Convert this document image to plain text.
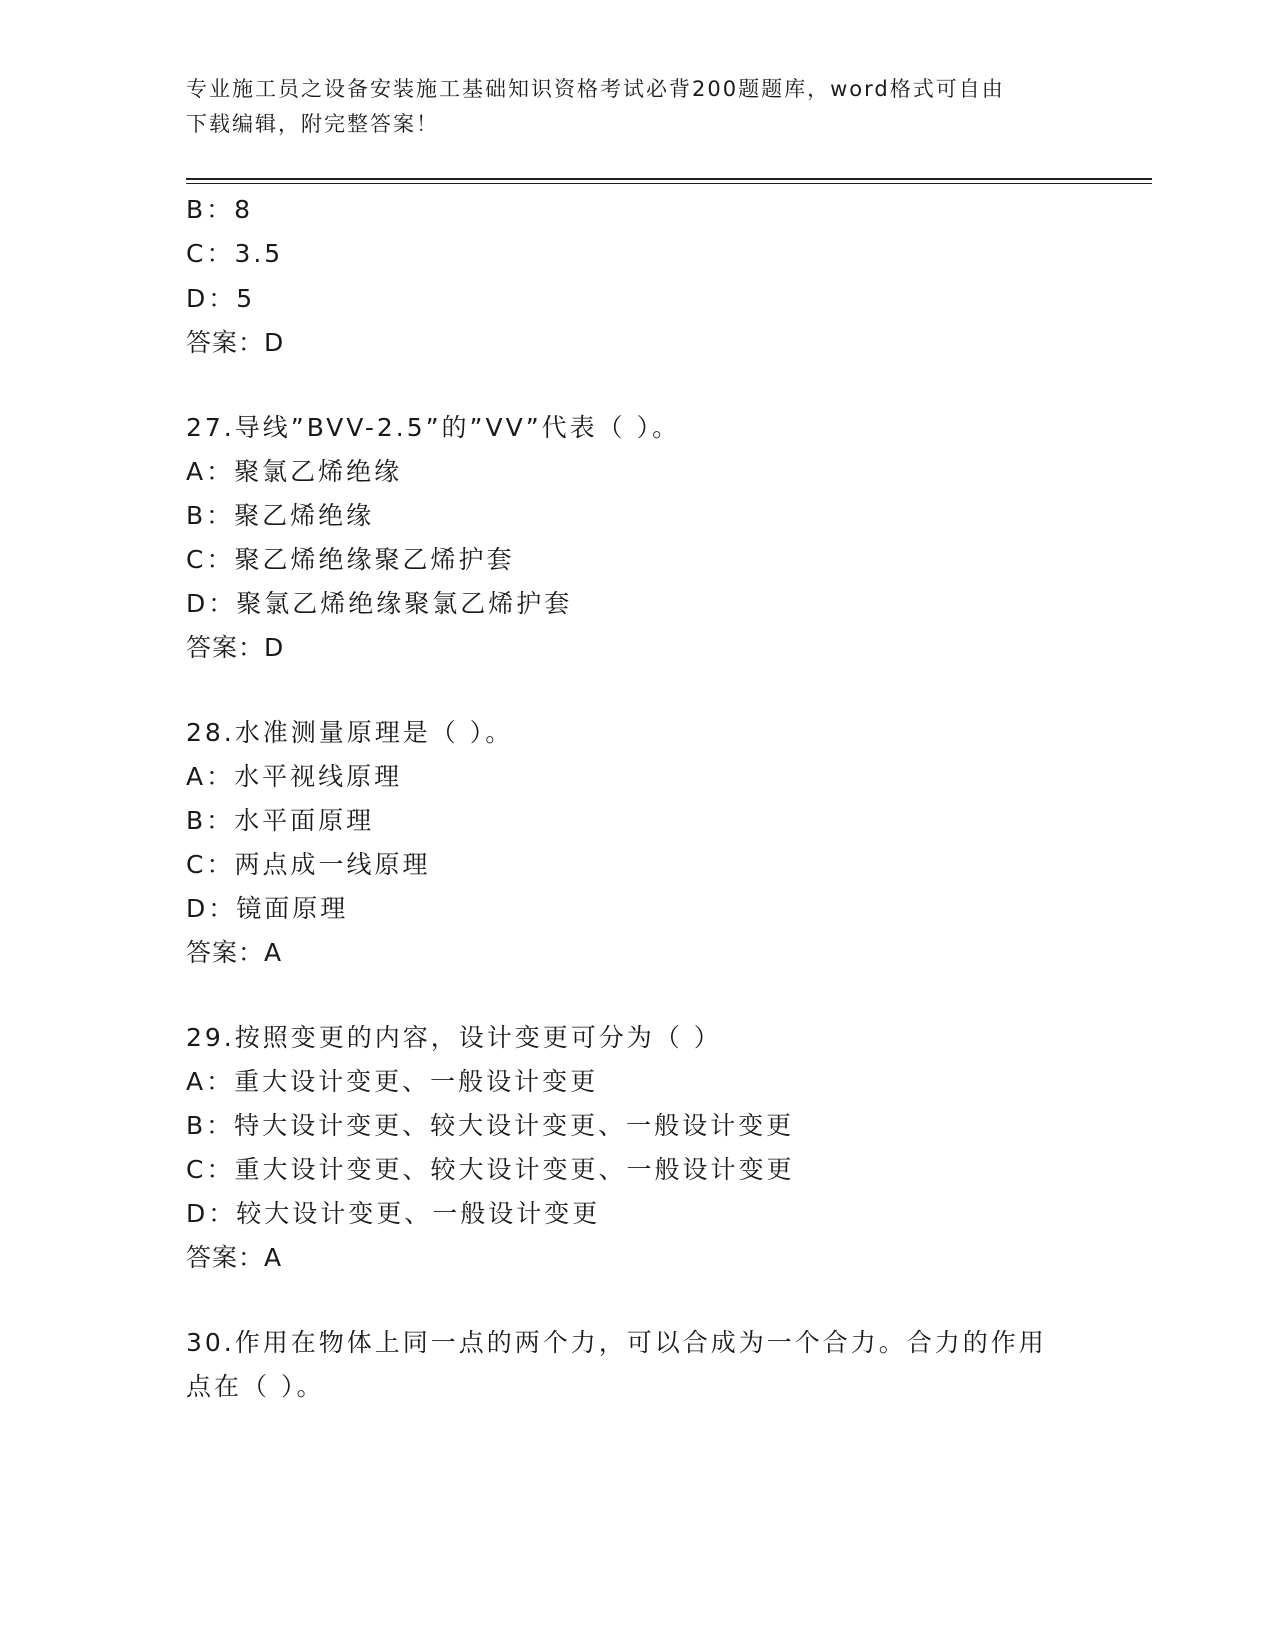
专业施工员之设备安装施工基础知识资格考试必背200题题库，word格式可自由
下载编辑，附完整答案！
B：8
C：3.5
D：5
答案：D
27.导线”BVV-2.5”的”VV”代表（ ）。
A：聚氯乙烯绝缘
B：聚乙烯绝缘
C：聚乙烯绝缘聚乙烯护套
D：聚氯乙烯绝缘聚氯乙烯护套
答案：D
28.水准测量原理是（ ）。
A：水平视线原理
B：水平面原理
C：两点成一线原理
D：镜面原理
答案：A
29.按照变更的内容，设计变更可分为（ ）
A：重大设计变更、一般设计变更
B：特大设计变更、较大设计变更、一般设计变更
C：重大设计变更、较大设计变更、一般设计变更
D：较大设计变更、一般设计变更
答案：A
30.作用在物体上同一点的两个力，可以合成为一个合力。合力的作用
点在（ ）。
